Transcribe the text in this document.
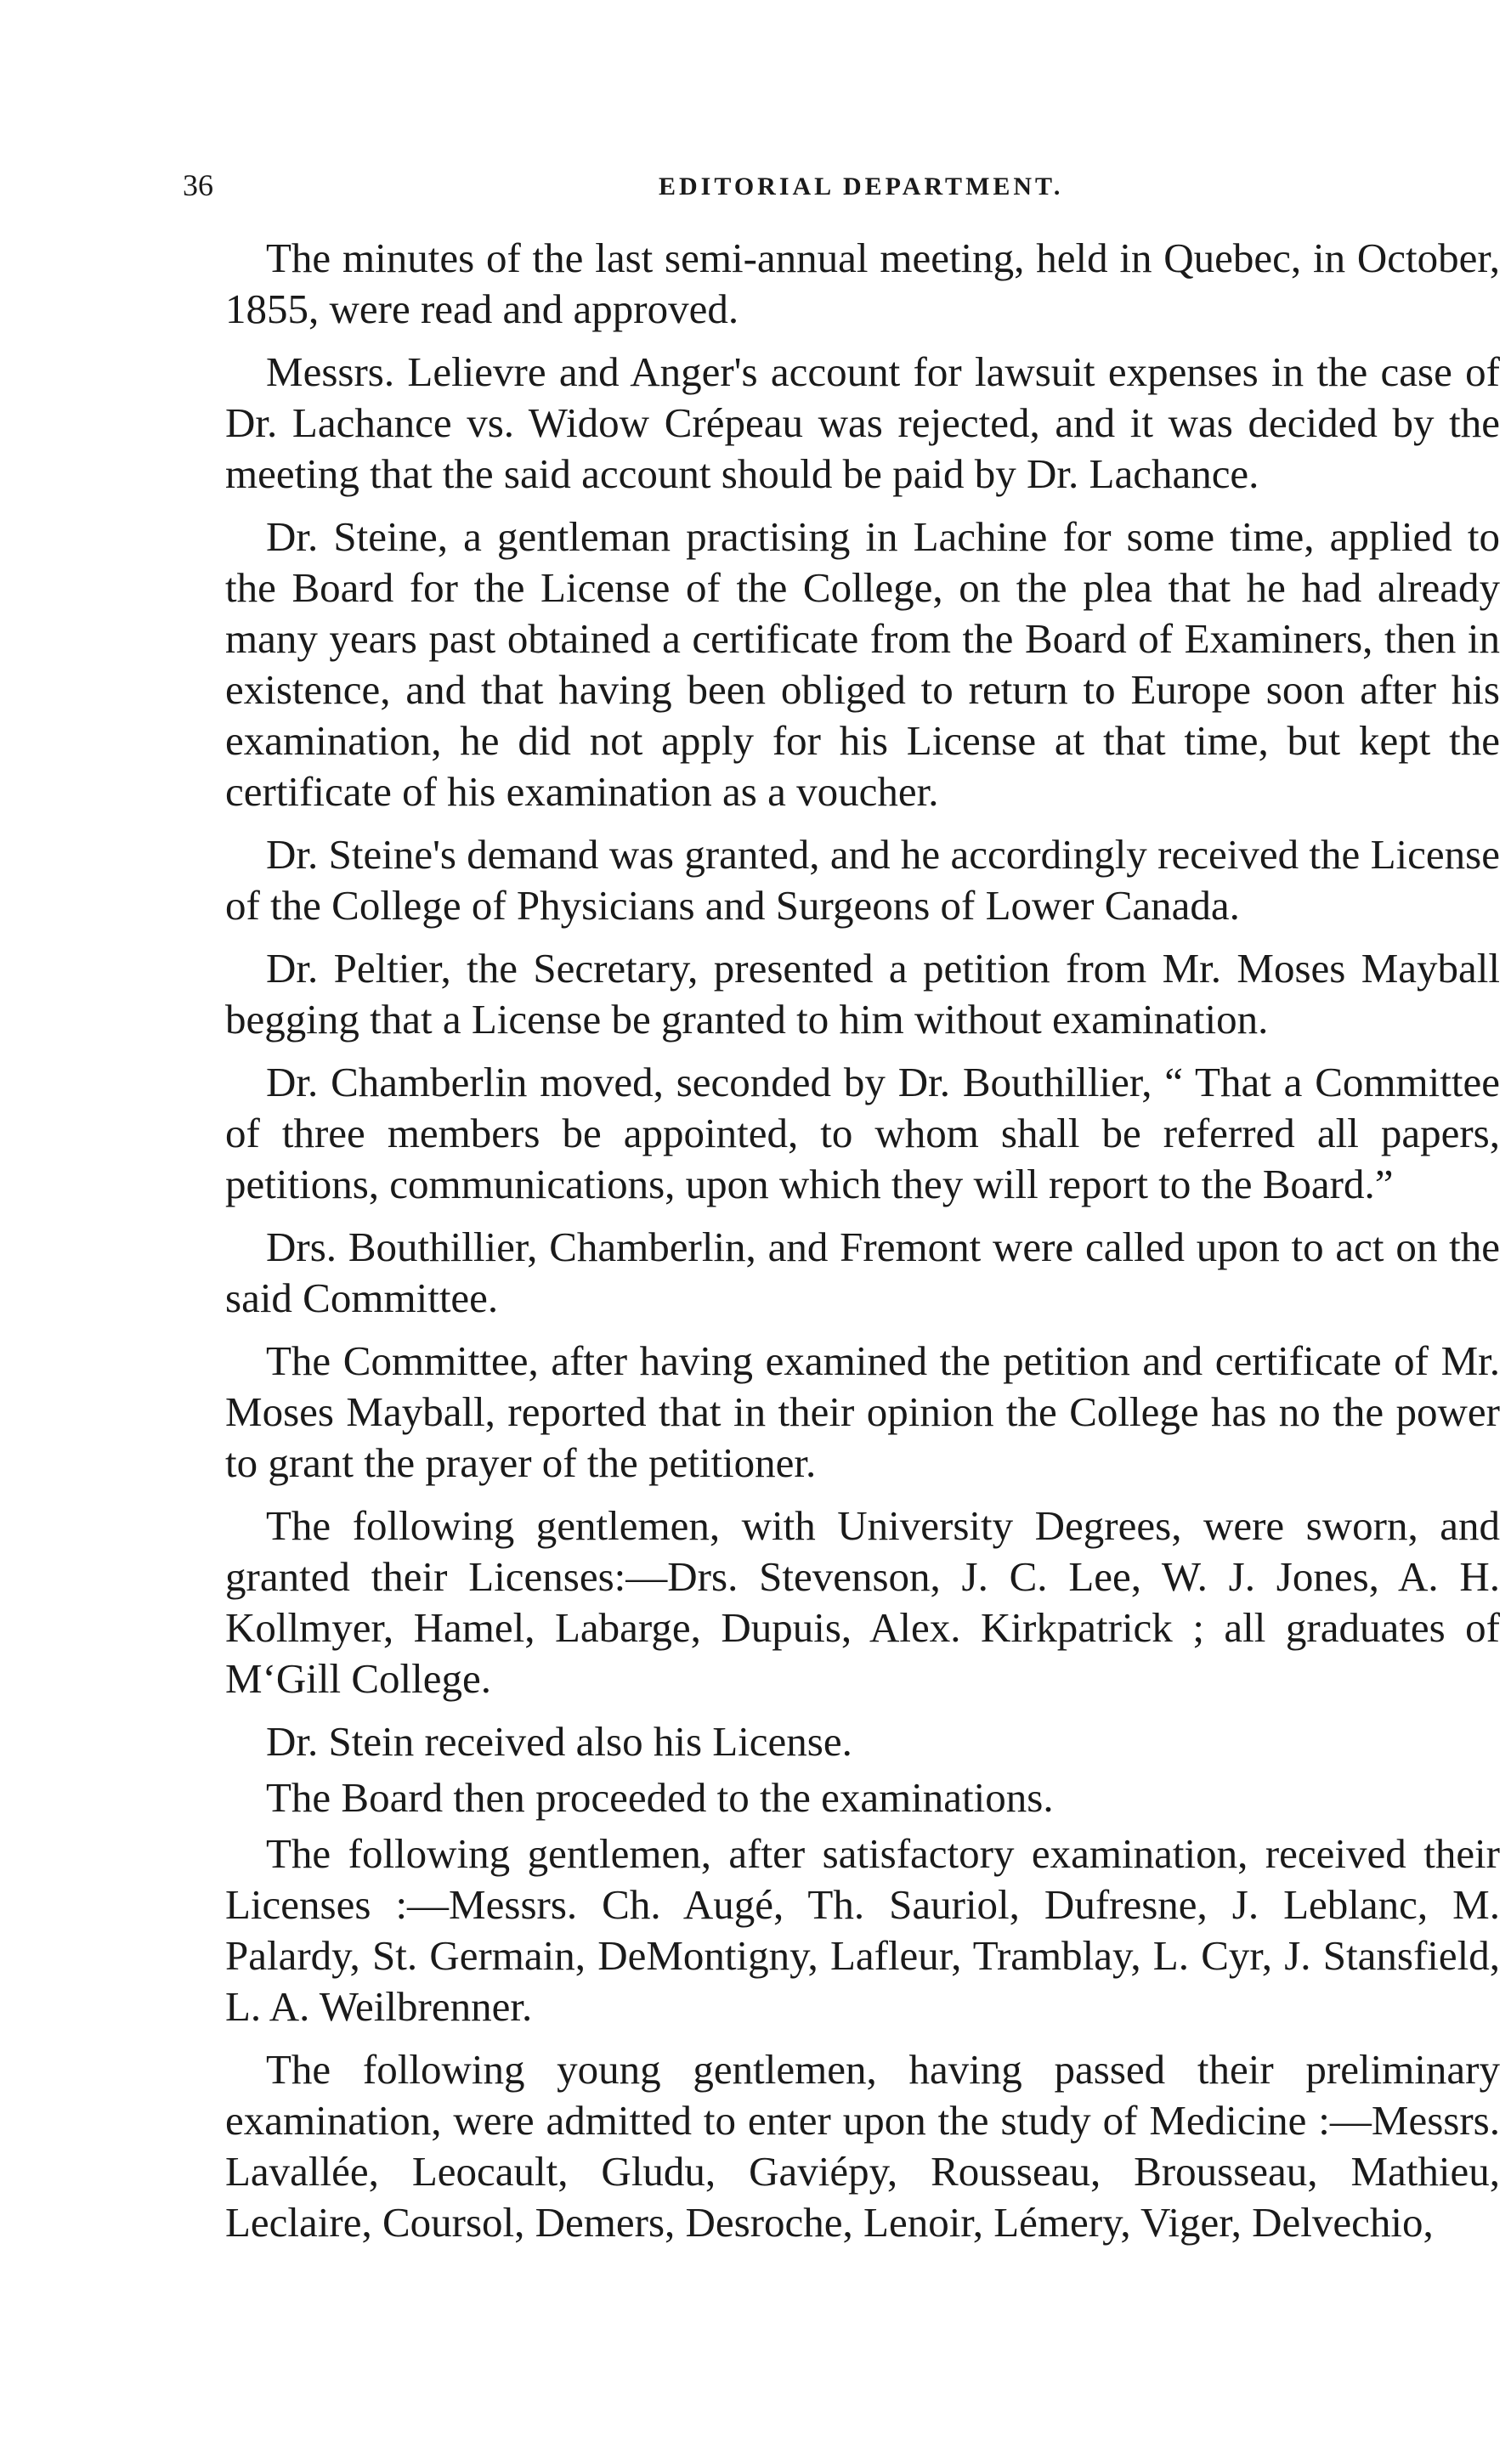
36	EDITORIAL DEPARTMENT.

The minutes of the last semi-annual meeting, held in Quebec, in October, 1855, were read and approved.

Messrs. Lelievre and Anger's account for lawsuit expenses in the case of Dr. Lachance vs. Widow Crépeau was rejected, and it was decided by the meeting that the said account should be paid by Dr. Lachance.

Dr. Steine, a gentleman practising in Lachine for some time, applied to the Board for the License of the College, on the plea that he had already many years past obtained a certificate from the Board of Examiners, then in existence, and that having been obliged to return to Europe soon after his examination, he did not apply for his License at that time, but kept the certificate of his examination as a voucher.

Dr. Steine's demand was granted, and he accordingly received the License of the College of Physicians and Surgeons of Lower Canada.

Dr. Peltier, the Secretary, presented a petition from Mr. Moses Mayball begging that a License be granted to him without examination.

Dr. Chamberlin moved, seconded by Dr. Bouthillier, “ That a Committee of three members be appointed, to whom shall be referred all papers, petitions, communications, upon which they will report to the Board.”

Drs. Bouthillier, Chamberlin, and Fremont were called upon to act on the said Committee.

The Committee, after having examined the petition and certificate of Mr. Moses Mayball, reported that in their opinion the College has no the power to grant the prayer of the petitioner.

The following gentlemen, with University Degrees, were sworn, and granted their Licenses:—Drs. Stevenson, J. C. Lee, W. J. Jones, A. H. Kollmyer, Hamel, Labarge, Dupuis, Alex. Kirkpatrick ; all graduates of M‘Gill College.

Dr. Stein received also his License.

The Board then proceeded to the examinations.

The following gentlemen, after satisfactory examination, received their Licenses :—Messrs. Ch. Augé, Th. Sauriol, Dufresne, J. Leblanc, M. Palardy, St. Germain, DeMontigny, Lafleur, Tramblay, L. Cyr, J. Stansfield, L. A. Weilbrenner.

The following young gentlemen, having passed their preliminary examination, were admitted to enter upon the study of Medicine :—Messrs. Lavallée, Leocault, Gludu, Gaviépy, Rousseau, Brousseau, Mathieu, Leclaire, Coursol, Demers, Desroche, Lenoir, Lémery, Viger, Delvechio,
